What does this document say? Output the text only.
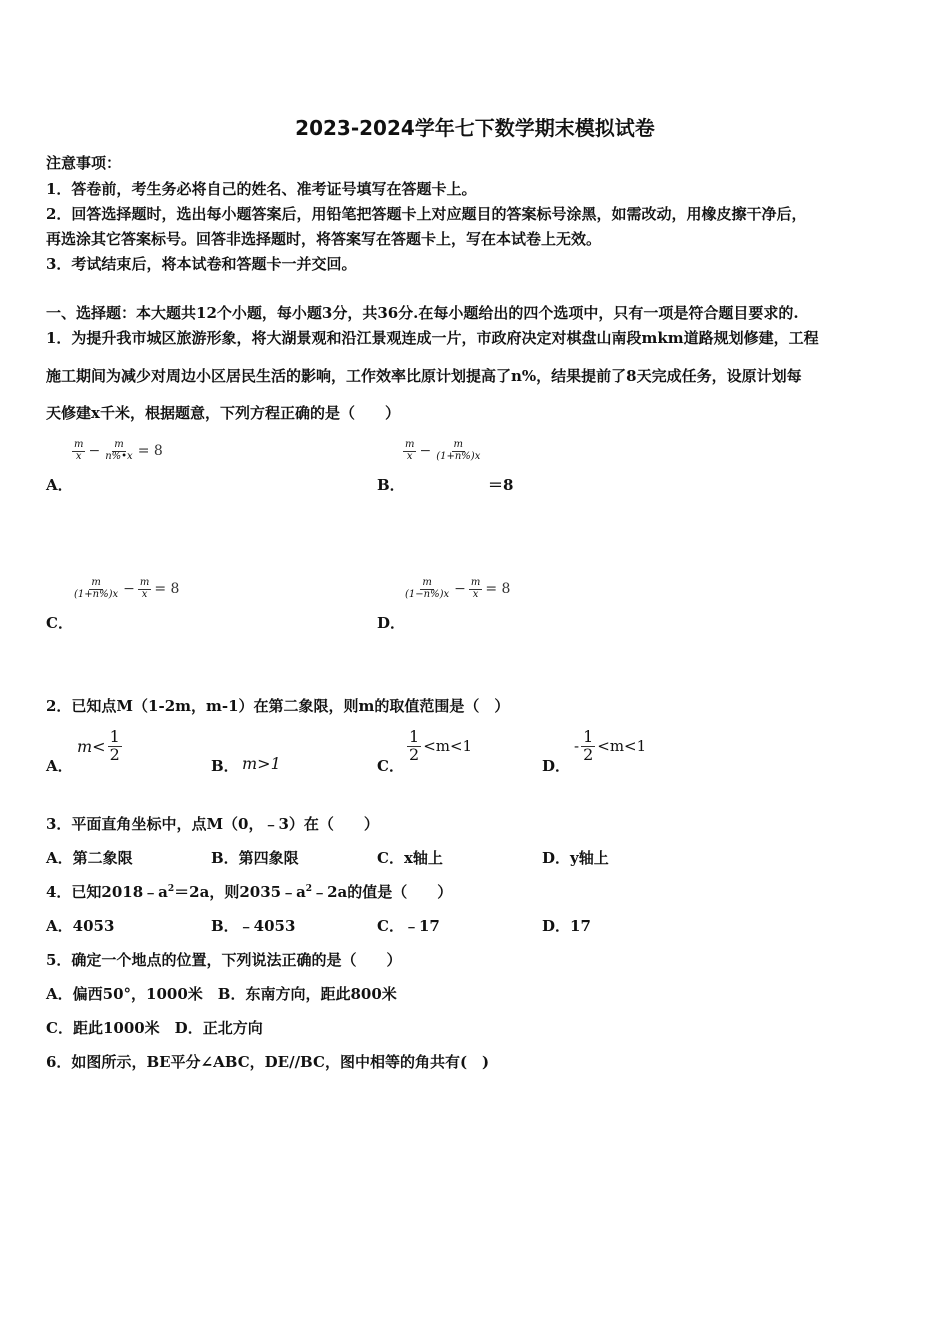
2023-2024学年七下数学期末模拟试卷
注意事项：
1．答卷前，考生务必将自己的姓名、准考证号填写在答题卡上。
2．回答选择题时，选出每小题答案后，用铅笔把答题卡上对应题目的答案标号涂黑，如需改动，用橡皮擦干净后，
再选涂其它答案标号。回答非选择题时，将答案写在答题卡上，写在本试卷上无效。
3．考试结束后，将本试卷和答题卡一并交回。
一、选择题：本大题共12个小题，每小题3分，共36分.在每小题给出的四个选项中，只有一项是符合题目要求的.
1．为提升我市城区旅游形象，将大湖景观和沿江景观连成一片，市政府决定对棋盘山南段mkm道路规划修建，工程
施工期间为减少对周边小区居民生活的影响，工作效率比原计划提高了n%，结果提前了8天完成任务，设原计划每
天修建x千米，根据题意，下列方程正确的是（　　）
$\frac{m}{x} - \frac{m}{n\%•x} = 8$
A．
$\frac{m}{x} - \frac{m}{(1+n\%)x}$
B．	＝8
$\frac{m}{(1+n\%)x} - \frac{m}{x} = 8$
C．
$\frac{m}{(1-n\%)x} - \frac{m}{x} = 8$
D．
2．已知点M（1-2m，m-1）在第二象限，则m的取值范围是（　）
A．
$m< \frac{1}{2}$
B． m>1	C．
$\frac{1}{2} <m<1$
D．
- $\frac{1}{2} <m<1$
3．平面直角坐标中，点M（0，﹣3）在（　　）
A．第二象限	B．第四象限	C．x轴上	D．y轴上
4．已知$2018﹣a^2=2a$，则$2035﹣a^2﹣2a$的值是（　　）
A．4053	B．﹣4053	C．﹣17	D．17
5．确定一个地点的位置，下列说法正确的是（　　）
A．偏西50°，1000米　B．东南方向，距此800米
C．距此1000米　D．正北方向
6．如图所示，BE平分∠ABC，DE//BC，图中相等的角共有(　)
